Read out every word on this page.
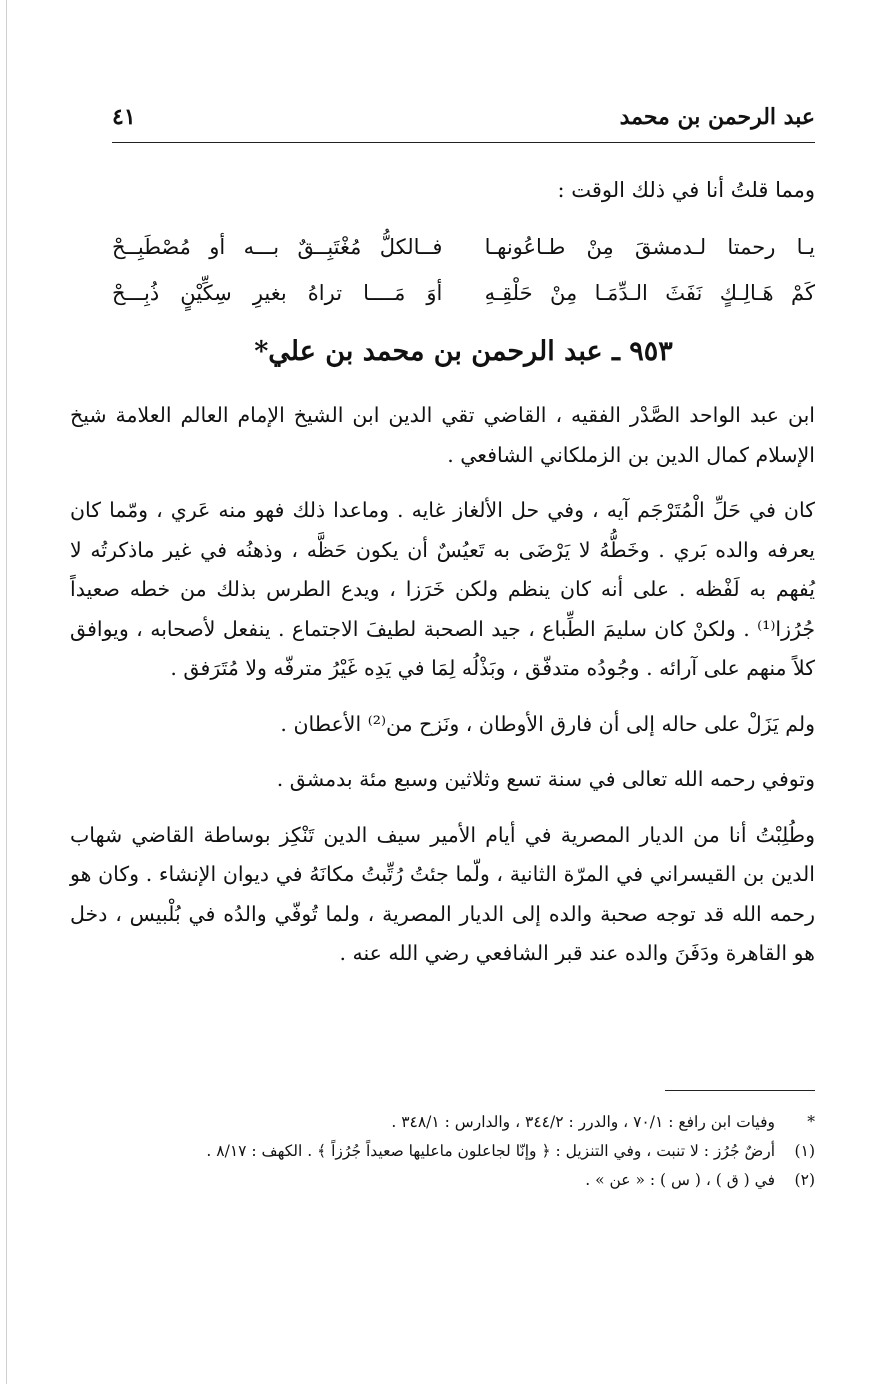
عبد الرحمن بن محمد
٤١
ومما قلتُ أنا في ذلك الوقت :
يـا رحمتا لـدمشقَ مِنْ طـاعُونهـا
فــالكلُّ مُغْتَبِــقٌ بـــه أو مُصْطَبِــحْ
كَمْ هَـالِـكٍ نَفَثَ الـدِّمَـا مِنْ حَلْقِـهِ
أوَ مَــــا تراهُ بغيرِ سِكِّيْنٍ ذُبِـــحْ
٩٥٣ ـ عبد الرحمن بن محمد بن علي*

ابن عبد الواحد الصَّدْر الفقيه ، القاضي تقي الدين ابن الشيخ الإمام العالم العلامة شيخ الإسلام كمال الدين بن الزملكاني الشافعي .

كان في حَلِّ الْمُتَرْجَم آيه ، وفي حل الألغاز غايه . وماعدا ذلك فهو منه عَري ، ومّما كان يعرفه والده بَري . وخَطُّهُ لا يَرْضَى به تَعيُسٌ أن يكون حَظَّه ، وذهنُه في غير ماذكرتُه لا يُفهم به لَفْظه . على أنه كان ينظم ولكن خَرَزا ، ويدع الطرس بذلك من خطه صعيداً جُرُزا⁽¹⁾ . ولكنْ كان سليمَ الطِّباع ، جيد الصحبة لطيفَ الاجتماع . ينفعل لأصحابه ، ويوافق كلاً منهم على آرائه . وجُودُه متدفّق ، وبَذْلُه لِمَا في يَدِه غَيْرُ مترفّه ولا مُتَرَفق .

ولم يَزَلْ على حاله إلى أن فارق الأوطان ، ونَزح من⁽²⁾ الأعطان .

وتوفي رحمه الله تعالى في سنة تسع وثلاثين وسبع مئة بدمشق .

وطُلِبْتُ أنا من الديار المصرية في أيام الأمير سيف الدين تَنْكِز بوساطة القاضي شهاب الدين بن القيسراني في المرّة الثانية ، ولّما جئتُ رُتِّبتُ مكانَهُ في ديوان الإنشاء . وكان هو رحمه الله قد توجه صحبة والده إلى الديار المصرية ، ولما تُوفّي والدُه في بُلْبيس ، دخل هو القاهرة ودَفَنَ والده عند قبر الشافعي رضي الله عنه .

*
وفيات ابن رافع : ٧٠/١ ، والدرر : ٣٤٤/٢ ، والدارس : ٣٤٨/١ .
(١)
أرضٌ جُرُز : لا تنبت ، وفي التنزيل : ﴿ وإنّا لجاعلون ماعليها صعيداً جُرُزاً ﴾ . الكهف : ٨/١٧ .
(٢)
في ( ق ) ، ( س ) : « عن » .
